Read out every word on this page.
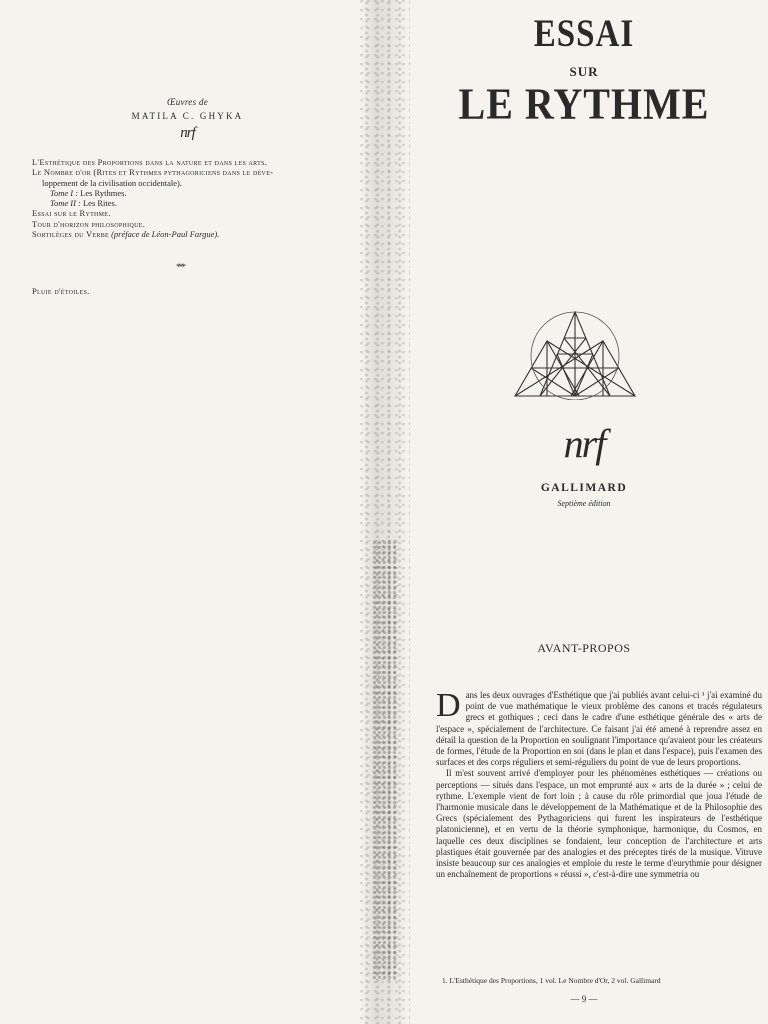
Œuvres de
MATILA C. GHYKA
nrf
L'Esthétique des Proportions dans la nature et dans les arts.
Le Nombre d'or (Rites et Rythmes pythagoriciens dans le déve-
loppement de la civilisation occidentale).
Tome I : Les Rythmes.
Tome II : Les Rites.
Essai sur le Rythme.
Tour d'horizon philosophique.
Sortilèges du Verbe (préface de Léon-Paul Fargue).
* * *
Pluie d'étoiles.
ESSAI
SUR
LE RYTHME
nrf
GALLIMARD
Septième édition
AVANT-PROPOS

Dans les deux ouvrages d'Esthétique que j'ai publiés avant celui-ci ¹ j'ai examiné du point de vue mathématique le vieux problème des canons et tracés régulateurs grecs et gothiques ; ceci dans le cadre d'une esthétique générale des « arts de l'espace », spécialement de l'architecture. Ce faisant j'ai été amené à reprendre assez en détail la question de la Proportion en soulignant l'importance qu'avaient pour les créateurs de formes, l'étude de la Proportion en soi (dans le plan et dans l'espace), puis l'examen des surfaces et des corps réguliers et semi-réguliers du point de vue de leurs proportions.

Il m'est souvent arrivé d'employer pour les phénomènes esthétiques — créations ou perceptions — situés dans l'espace, un mot emprunté aux « arts de la durée » ; celui de rythme. L'exemple vient de fort loin ; à cause du rôle primordial que joua l'étude de l'harmonie musicale dans le développement de la Mathématique et de la Philosophie des Grecs (spécialement des Pythagoriciens qui furent les inspirateurs de l'esthétique platonicienne), et en vertu de la théorie symphonique, harmonique, du Cosmos, en laquelle ces deux disciplines se fondaient, leur conception de l'architecture et arts plastiques était gouvernée par des analogies et des préceptes tirés de la musique. Vitruve insiste beaucoup sur ces analogies et emploie du reste le terme d'eurythmie pour désigner un enchaînement de proportions « réussi », c'est-à-dire une symmetria ou

1. L'Esthétique des Proportions, 1 vol. Le Nombre d'Or, 2 vol. Gallimard
— 9 —
